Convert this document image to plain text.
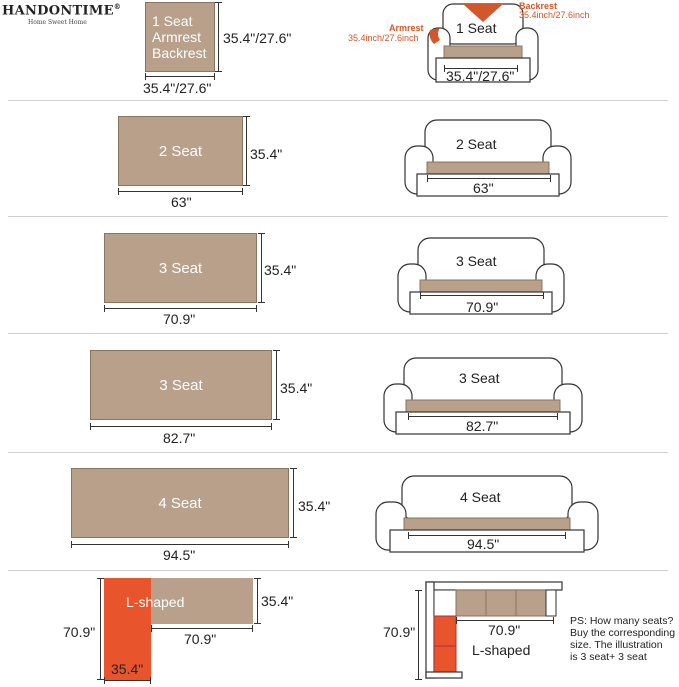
HANDONTIME®
Home Sweet Home	1 Seat
Armrest
Backrest
35.4"/27.6"
35.4"/27.6"
1 Seat
Armrest
35.4inch/27.6inch
Backrest
35.4inch/27.6inch
35.4"/27.6"
2 Seat	35.4"
63"
2 Seat
63"
3 Seat	35.4"
70.9"
3 Seat
70.9"
3 Seat	35.4"
82.7"
3 Seat
82.7"
4 Seat	35.4"
94.5"
4 Seat
94.5"
L-shaped	35.4"
70.9"	70.9"
35.4"
70.9"	70.9"
L-shaped
PS: How many seats?
Buy the corresponding
size. The illustration
is 3 seat+ 3 seat
